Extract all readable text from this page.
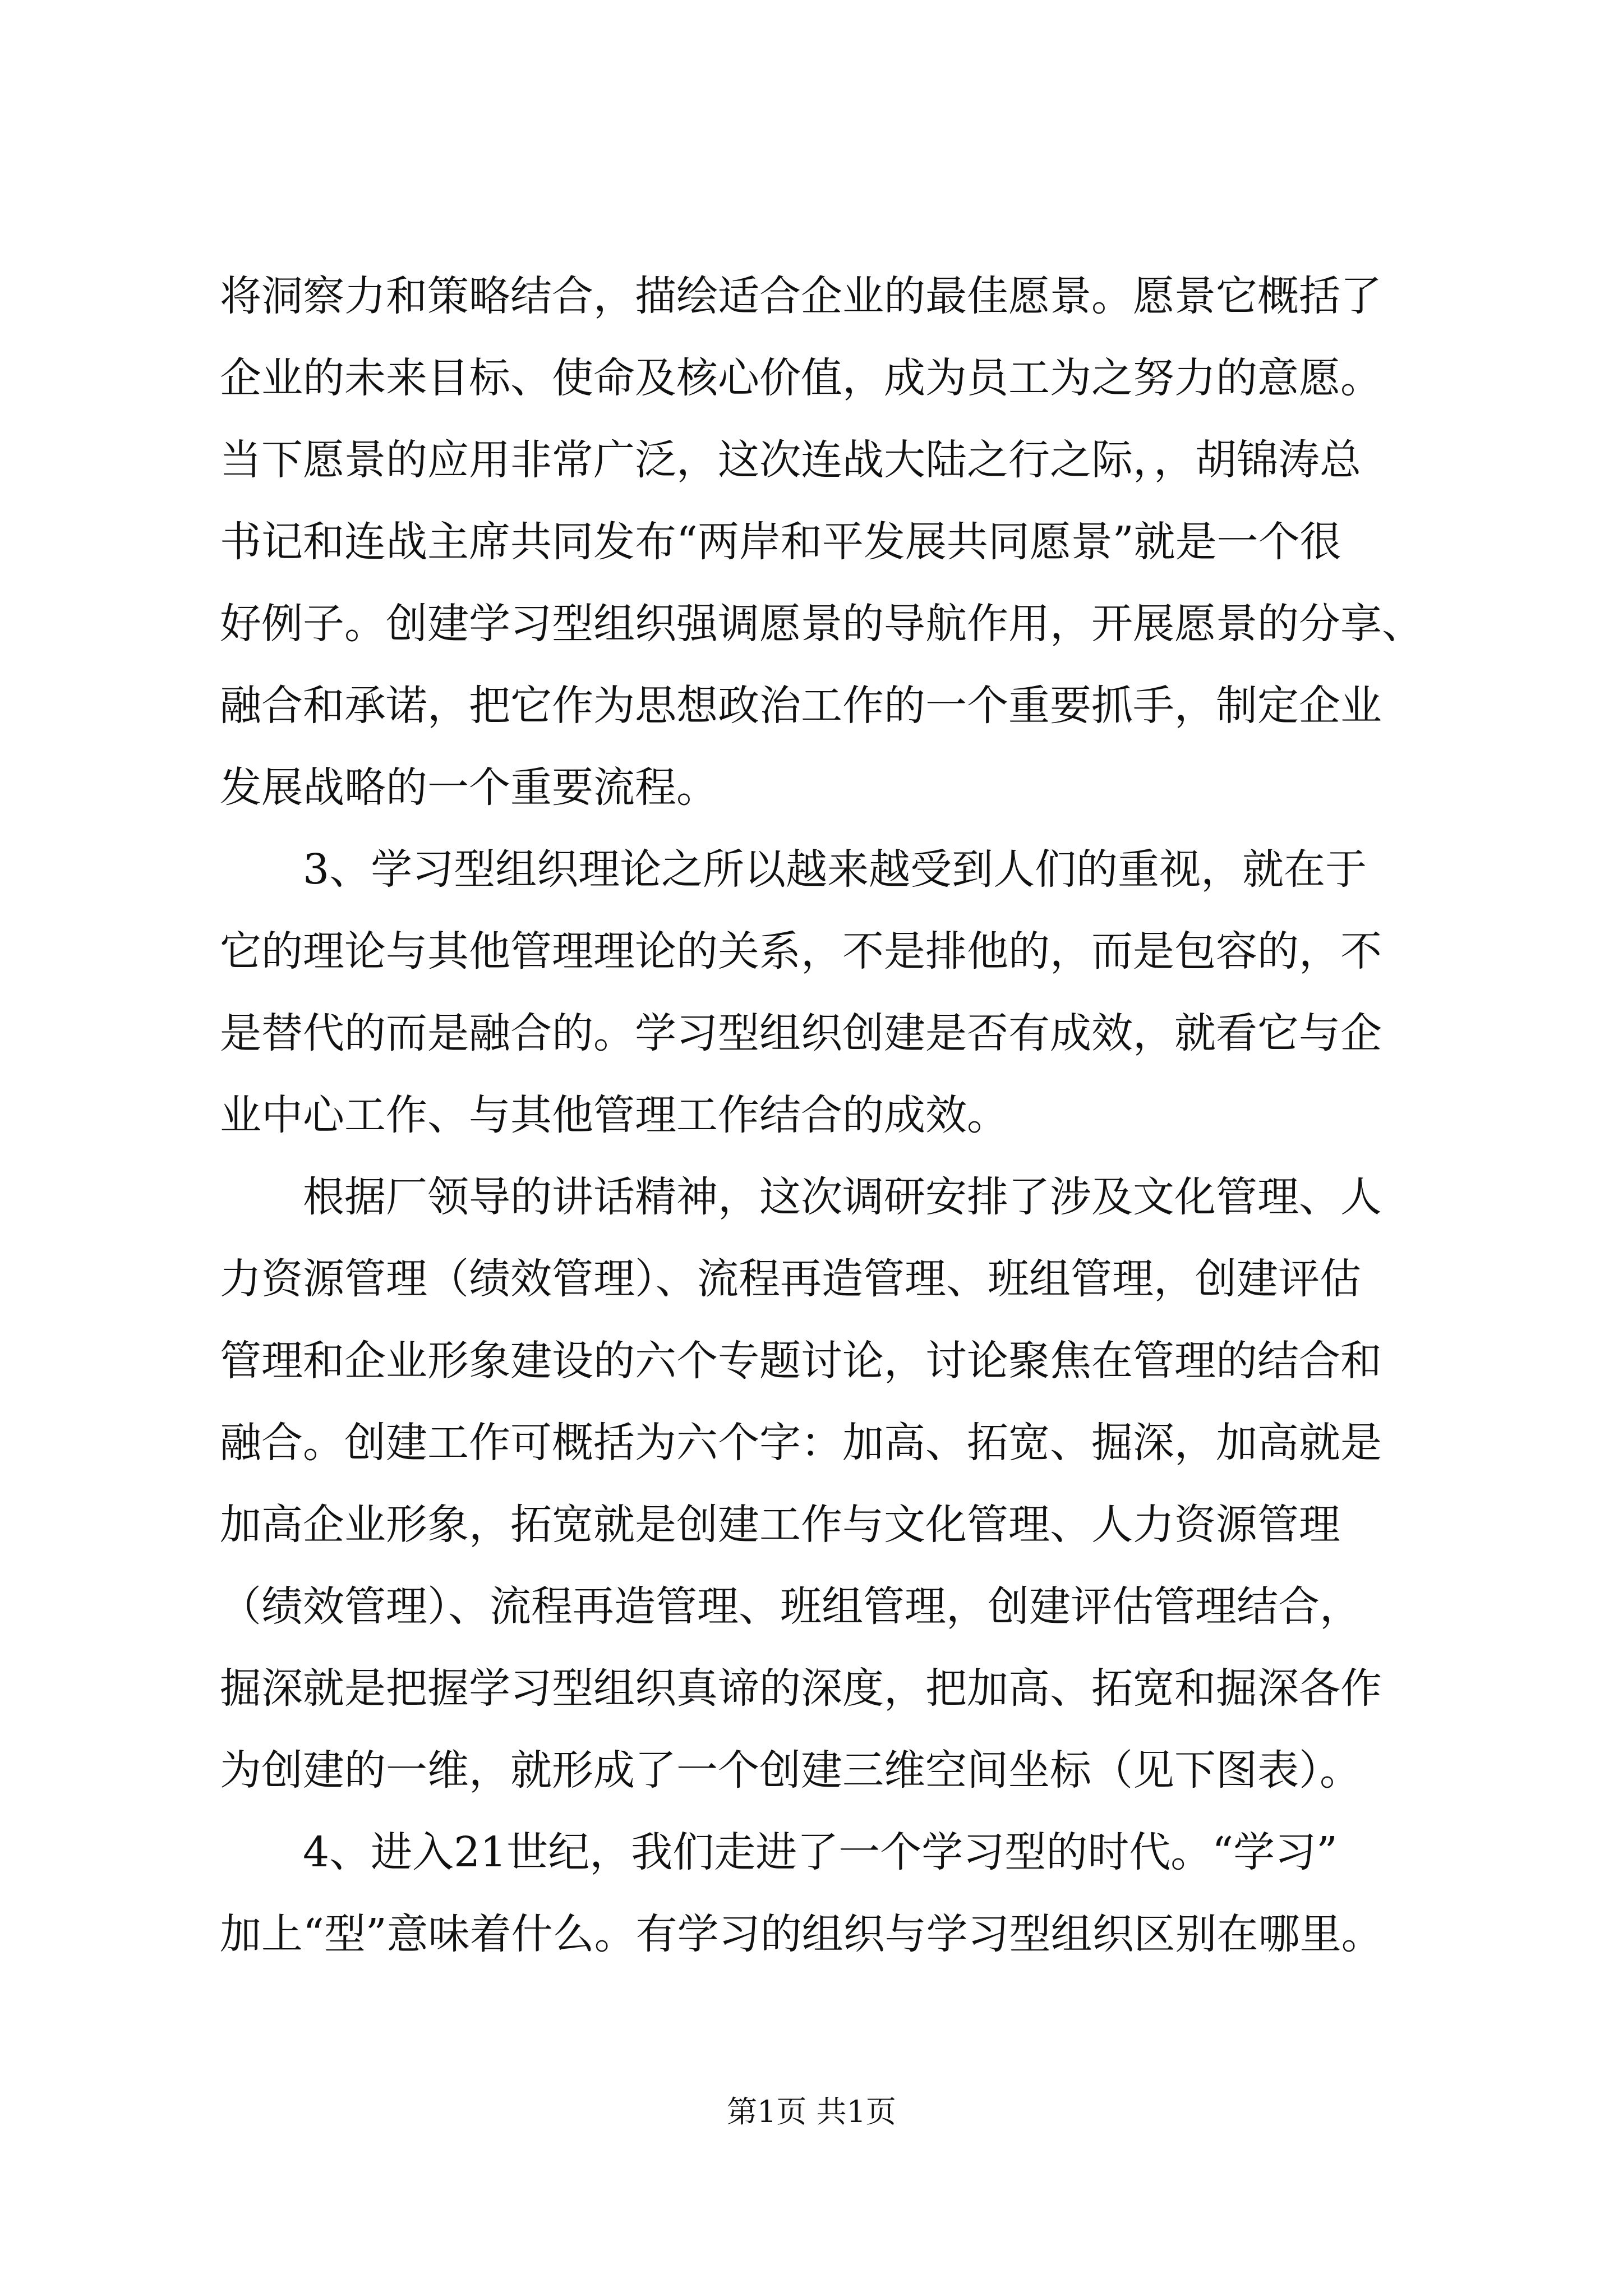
将洞察力和策略结合，描绘适合企业的最佳愿景。愿景它概括了
企业的未来目标、使命及核心价值，成为员工为之努力的意愿。
当下愿景的应用非常广泛，这次连战大陆之行之际，，胡锦涛总
书记和连战主席共同发布“两岸和平发展共同愿景”就是一个很
好例子。创建学习型组织强调愿景的导航作用，开展愿景的分享、
融合和承诺，把它作为思想政治工作的一个重要抓手，制定企业
发展战略的一个重要流程。
3、学习型组织理论之所以越来越受到人们的重视，就在于
它的理论与其他管理理论的关系，不是排他的，而是包容的，不
是替代的而是融合的。学习型组织创建是否有成效，就看它与企
业中心工作、与其他管理工作结合的成效。
根据厂领导的讲话精神，这次调研安排了涉及文化管理、人
力资源管理（绩效管理）、流程再造管理、班组管理，创建评估
管理和企业形象建设的六个专题讨论，讨论聚焦在管理的结合和
融合。创建工作可概括为六个字：加高、拓宽、掘深，加高就是
加高企业形象，拓宽就是创建工作与文化管理、人力资源管理
（绩效管理）、流程再造管理、班组管理，创建评估管理结合，
掘深就是把握学习型组织真谛的深度，把加高、拓宽和掘深各作
为创建的一维，就形成了一个创建三维空间坐标（见下图表）。
4、进入21世纪，我们走进了一个学习型的时代。“学习”
加上“型”意味着什么。有学习的组织与学习型组织区别在哪里。
第1页 共1页
